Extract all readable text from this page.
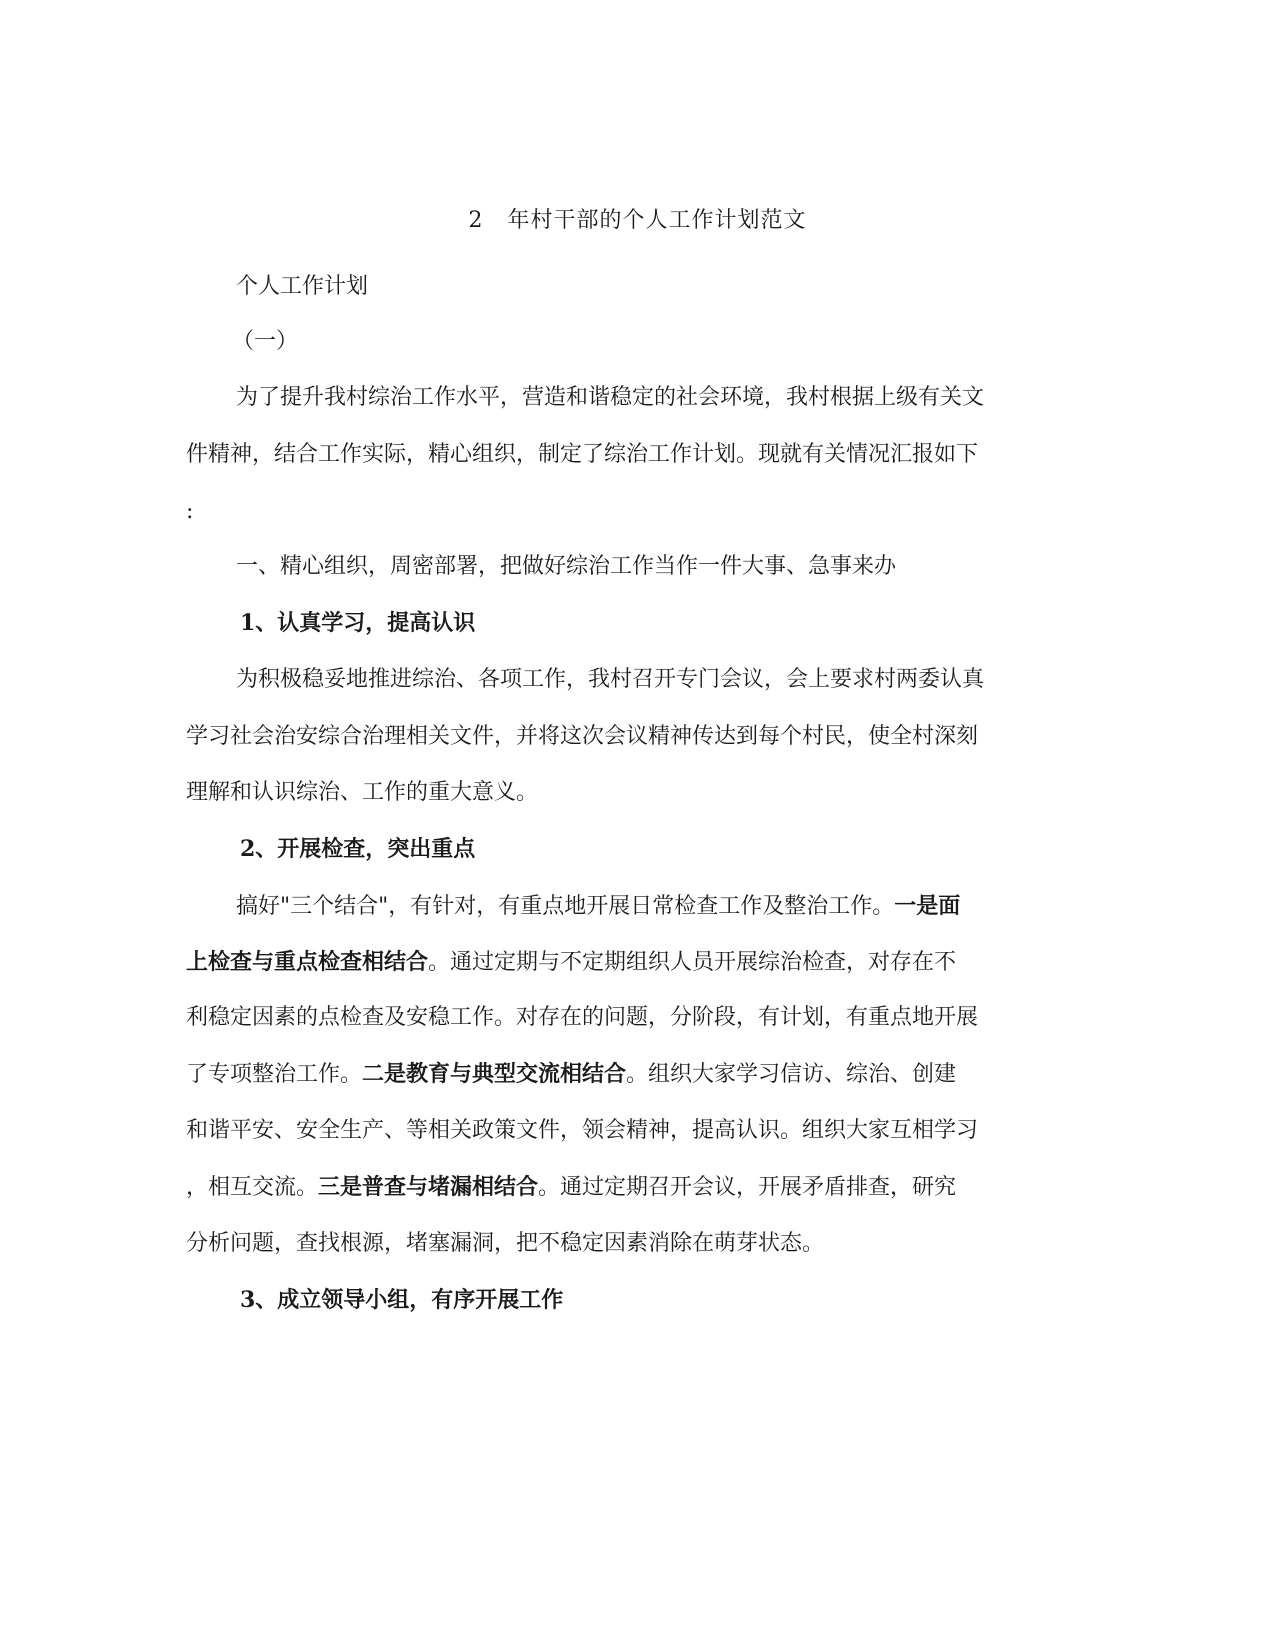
2 年村干部的个人工作计划范文
个人工作计划
（一）
为了提升我村综治工作水平，营造和谐稳定的社会环境，我村根据上级有关文
件精神，结合工作实际，精心组织，制定了综治工作计划。现就有关情况汇报如下
:
一、精心组织，周密部署，把做好综治工作当作一件大事、急事来办
1、认真学习，提高认识
为积极稳妥地推进综治、各项工作，我村召开专门会议，会上要求村两委认真
学习社会治安综合治理相关文件，并将这次会议精神传达到每个村民，使全村深刻
理解和认识综治、工作的重大意义。
2、开展检查，突出重点
搞好"三个结合"，有针对，有重点地开展日常检查工作及整治工作。一是面
上检查与重点检查相结合。通过定期与不定期组织人员开展综治检查，对存在不
利稳定因素的点检查及安稳工作。对存在的问题，分阶段，有计划，有重点地开展
了专项整治工作。二是教育与典型交流相结合。组织大家学习信访、综治、创建
和谐平安、安全生产、等相关政策文件，领会精神，提高认识。组织大家互相学习
，相互交流。三是普查与堵漏相结合。通过定期召开会议，开展矛盾排查，研究
分析问题，查找根源，堵塞漏洞，把不稳定因素消除在萌芽状态。
3、成立领导小组，有序开展工作
